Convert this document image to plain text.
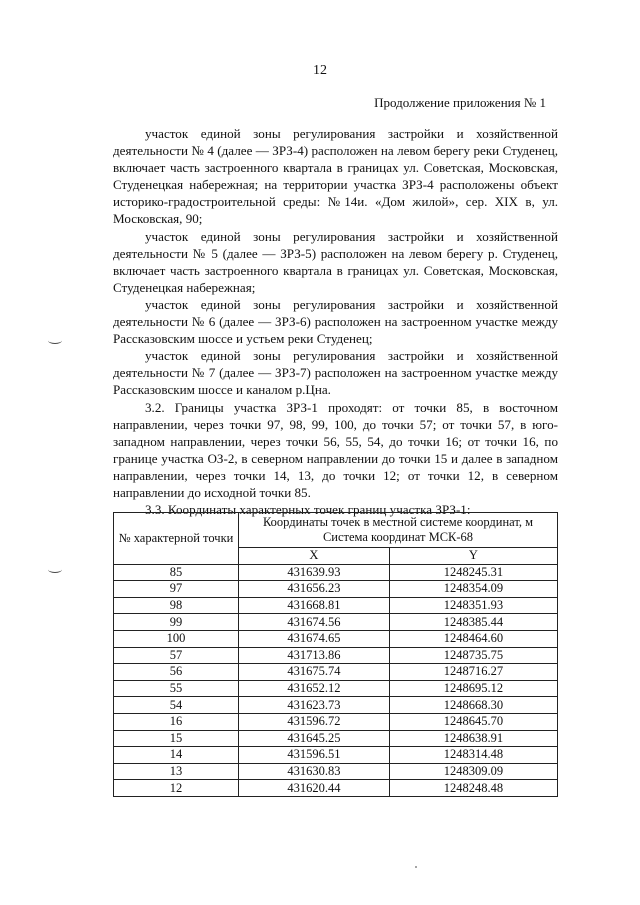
12
Продолжение приложения № 1

участок единой зоны регулирования застройки и хозяйственной деятельности № 4 (далее — ЗРЗ-4) расположен на левом берегу реки Студенец, включает часть застроенного квартала в границах ул. Советская, Московская, Студенецкая набережная; на территории участка ЗРЗ-4 расположены объект историко-градостроительной среды: №14и. «Дом жилой», сер. XIX в, ул. Московская, 90;

участок единой зоны регулирования застройки и хозяйственной деятельности № 5 (далее — ЗРЗ-5) расположен на левом берегу р. Студенец, включает часть застроенного квартала в границах ул. Советская, Московская, Студенецкая набережная;

участок единой зоны регулирования застройки и хозяйственной деятельности № 6 (далее — ЗРЗ-6) расположен на застроенном участке между Рассказовским шоссе и устьем реки Студенец;

участок единой зоны регулирования застройки и хозяйственной деятельности № 7 (далее — ЗРЗ-7) расположен на застроенном участке между Рассказовским шоссе и каналом р.Цна.

3.2. Границы участка ЗРЗ-1 проходят: от точки 85, в восточном направлении, через точки 97, 98, 99, 100, до точки 57; от точки 57, в юго-западном направлении, через точки 56, 55, 54, до точки 16; от точки 16, по границе участка ОЗ-2, в северном направлении до точки 15 и далее в западном направлении, через точки 14, 13, до точки 12; от точки 12, в северном направлении до исходной точки 85.

3.3. Координаты характерных точек границ участка ЗРЗ-1:

№ характерной точки	Координаты точек в местной системе координат, м Система координат МСК-68	
	X	Y
85	431639.93	1248245.31
97	431656.23	1248354.09
98	431668.81	1248351.93
99	431674.56	1248385.44
100	431674.65	1248464.60
57	431713.86	1248735.75
56	431675.74	1248716.27
55	431652.12	1248695.12
54	431623.73	1248668.30
16	431596.72	1248645.70
15	431645.25	1248638.91
14	431596.51	1248314.48
13	431630.83	1248309.09
12	431620.44	1248248.48
